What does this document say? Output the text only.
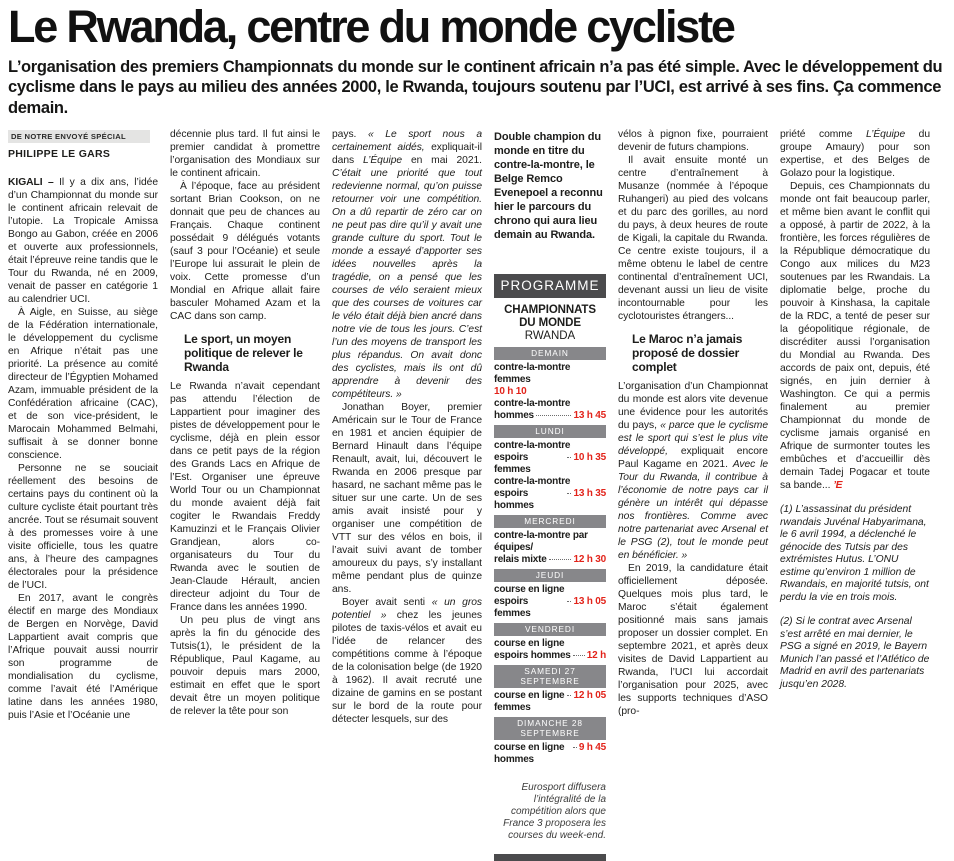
Le Rwanda, centre du monde cycliste

L’organisation des premiers Championnats du monde sur le continent africain n’a pas été simple. Avec le développement du cyclisme dans le pays au milieu des années 2000, le Rwanda, toujours soutenu par l’UCI, est arrivé à ses fins. Ça commence demain.

DE NOTRE ENVOYÉ SPÉCIAL
PHILIPPE LE GARS

KIGALI – Il y a dix ans, l’idée d’un Championnat du monde sur le continent africain relevait de l’utopie. La Tropicale Amissa Bongo au Gabon, créée en 2006 et ouverte aux professionnels, était l’épreuve reine tandis que le Tour du Rwanda, né en 2009, venait de passer en catégorie 1 au calendrier UCI.

À Aigle, en Suisse, au siège de la Fédération internationale, le développement du cyclisme en Afrique n’était pas une priorité. La présence au comité directeur de l’Égyptien Mohamed Azam, immuable président de la Confédération africaine (CAC), et de son vice-président, le Marocain Mohammed Belmahi, suffisait à se donner bonne conscience.

Personne ne se souciait réellement des besoins de certains pays du continent où la culture cycliste était pourtant très ancrée. Tout se résumait souvent à des promesses voire à une visite officielle, tous les quatre ans, à l’heure des campagnes électorales pour la présidence de l’UCI.

En 2017, avant le congrès électif en marge des Mondiaux de Bergen en Norvège, David Lappartient avait compris que l’Afrique pouvait aussi nourrir son programme de mondialisation du cyclisme, comme l’avait été l’Amérique latine dans les années 1980, puis l’Asie et l’Océanie une

décennie plus tard. Il fut ainsi le premier candidat à promettre l’organisation des Mondiaux sur le continent africain.

À l’époque, face au président sortant Brian Cookson, on ne donnait que peu de chances au Français. Chaque continent possédait 9 délégués votants (sauf 3 pour l’Océanie) et seule l’Europe lui assurait le plein de voix. Cette promesse d’un Mondial en Afrique allait faire basculer Mohamed Azam et la CAC dans son camp.

Le sport, un moyen politique de relever le Rwanda

Le Rwanda n’avait cependant pas attendu l’élection de Lappartient pour imaginer des pistes de développement pour le cyclisme, déjà en plein essor dans ce petit pays de la région des Grands Lacs en Afrique de l’Est. Organiser une épreuve World Tour ou un Championnat du monde avaient déjà fait cogiter le Rwandais Freddy Kamuzinzi et le Français Olivier Grandjean, alors co-organisateurs du Tour du Rwanda avec le soutien de Jean-Claude Hérault, ancien directeur adjoint du Tour de France dans les années 1990.

Un peu plus de vingt ans après la fin du génocide des Tutsis(1), le président de la République, Paul Kagame, au pouvoir depuis mars 2000, estimait en effet que le sport devait être un moyen politique de relever la tête pour son

pays. « Le sport nous a certainement aidés, expliquait-il dans L’Équipe en mai 2021. C’était une priorité que tout redevienne normal, qu’on puisse retourner voir une compétition. On a dû repartir de zéro car on ne peut pas dire qu’il y avait une grande culture du sport. Tout le monde a essayé d’apporter ses idées nouvelles après la tragédie, on a pensé que les courses de vélo seraient mieux que des courses de voitures car le vélo était déjà bien ancré dans notre vie de tous les jours. C’est l’un des moyens de transport les plus répandus. On avait donc des cyclistes, mais ils ont dû apprendre à devenir des compétiteurs. »

Jonathan Boyer, premier Américain sur le Tour de France en 1981 et ancien équipier de Bernard Hinault dans l’équipe Renault, avait, lui, découvert le Rwanda en 2006 presque par hasard, ne sachant même pas le situer sur une carte. Un de ses amis avait insisté pour y organiser une compétition de VTT sur des vélos en bois, il l’avait suivi avant de tomber amoureux du pays, s’y installant même pendant plus de quinze ans.

Boyer avait senti « un gros potentiel » chez les jeunes pilotes de taxis-vélos et avait eu l’idée de relancer des compétitions comme à l’époque de la colonisation belge (de 1920 à 1962). Il avait recruté une dizaine de gamins en se postant sur le bord de la route pour détecter lesquels, sur des

Double champion du monde en titre du contre-la-montre, le Belge Remco Evenepoel a reconnu hier le parcours du chrono qui aura lieu demain au Rwanda.

PROGRAMME
CHAMPIONNATS
DU MONDE
RWANDA
DEMAIN
contre-la-montre femmes
10 h 10
contre-la-montre
hommes	13 h 45
LUNDI
contre-la-montre
espoirs femmes
10 h 35
contre-la-montre
espoirs hommes
13 h 35
MERCREDI
contre-la-montre par équipes/
relais mixte	12 h 30
JEUDI
course en ligne
espoirs femmes
13 h 05
VENDREDI
course en ligne
espoirs hommes 12 h
SAMEDI 27 SEPTEMBRE
course en ligne femmes
12 h 05
DIMANCHE 28 SEPTEMBRE
course en ligne hommes
9 h 45

Eurosport diffusera l’intégralité de la compétition alors que France 3 proposera les courses du week-end.

vélos à pignon fixe, pourraient devenir de futurs champions.

Il avait ensuite monté un centre d’entraînement à Musanze (nommée à l’époque Ruhangeri) au pied des volcans et du parc des gorilles, au nord du pays, à deux heures de route de Kigali, la capitale du Rwanda. Ce centre existe toujours, il a même obtenu le label de centre continental d’entraînement UCI, devenant aussi un lieu de visite incontournable pour les cyclotouristes étrangers...

Le Maroc n’a jamais proposé de dossier complet

L’organisation d’un Championnat du monde est alors vite devenue une évidence pour les autorités du pays, « parce que le cyclisme est le sport qui s’est le plus vite développé, expliquait encore Paul Kagame en 2021. Avec le Tour du Rwanda, il contribue à l’économie de notre pays car il génère un intérêt qui dépasse nos frontières. Comme avec notre partenariat avec Arsenal et le PSG (2), tout le monde peut en bénéficier. »

En 2019, la candidature était officiellement déposée. Quelques mois plus tard, le Maroc s’était également positionné mais sans jamais proposer un dossier complet. En septembre 2021, et après deux visites de David Lappartient au Rwanda, l’UCI lui accordait l’organisation pour 2025, avec les supports techniques d’ASO (pro-

priété comme L’Équipe du groupe Amaury) pour son expertise, et des Belges de Golazo pour la logistique.

Depuis, ces Championnats du monde ont fait beaucoup parler, et même bien avant le conflit qui a opposé, à partir de 2022, à la frontière, les forces régulières de la République démocratique du Congo aux milices du M23 soutenues par les Rwandais. La diplomatie belge, proche du pouvoir à Kinshasa, la capitale de la RDC, a tenté de peser sur la géopolitique régionale, de discréditer aussi l’organisation du Mondial au Rwanda. Des accords de paix ont, depuis, été signés, en juin dernier à Washington. Ce qui a permis finalement au premier Championnat du monde de cyclisme jamais organisé en Afrique de surmonter toutes les embûches et d’accueillir dès demain Tadej Pogacar et toute sa bande... ’E

(1) L’assassinat du président rwandais Juvénal Habyarimana, le 6 avril 1994, a déclenché le génocide des Tutsis par des extrémistes Hutus. L’ONU estime qu’environ 1 million de Rwandais, en majorité tutsis, ont perdu la vie en trois mois.

(2) Si le contrat avec Arsenal s’est arrêté en mai dernier, le PSG a signé en 2019, le Bayern Munich l’an passé et l’Atlético de Madrid en avril des partenariats jusqu’en 2028.
